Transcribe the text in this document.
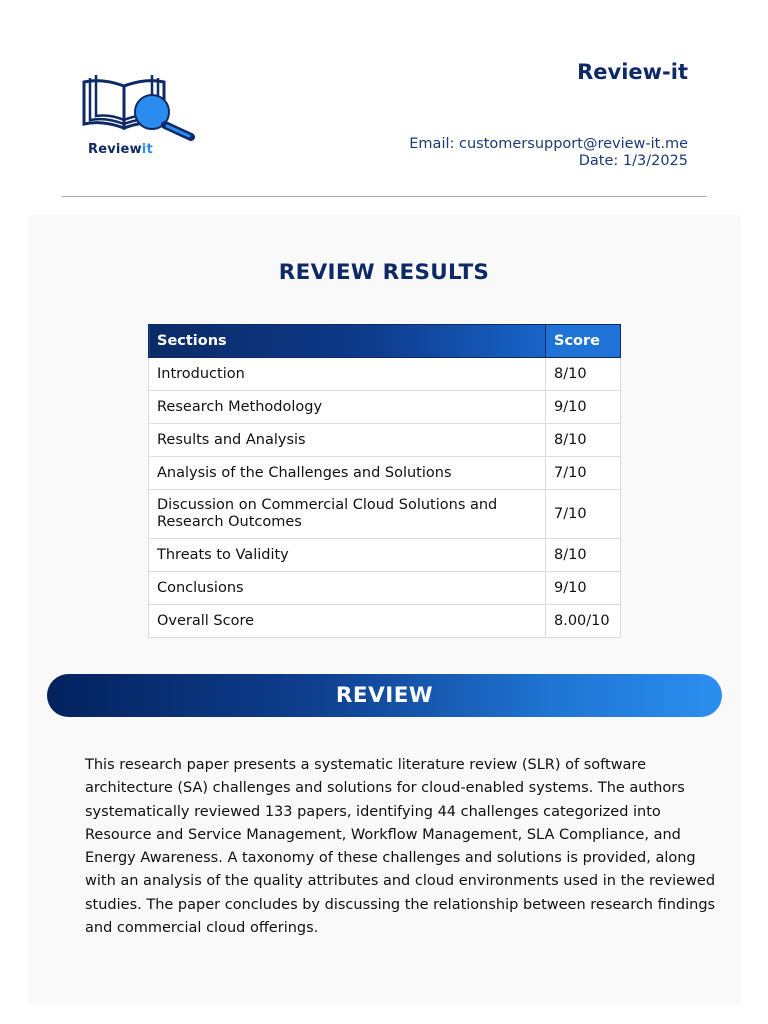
Reviewit
Review-it
Email: customersupport@review-it.me
Date: 1/3/2025
REVIEW RESULTS
Sections	Score
Introduction	8/10
Research Methodology	9/10
Results and Analysis	8/10
Analysis of the Challenges and Solutions	7/10
Discussion on Commercial Cloud Solutions and Research Outcomes	7/10
Threats to Validity	8/10
Conclusions	9/10
Overall Score	8.00/10
REVIEW
This research paper presents a systematic literature review (SLR) of software architecture (SA) challenges and solutions for cloud-enabled systems. The authors systematically reviewed 133 papers, identifying 44 challenges categorized into Resource and Service Management, Workflow Management, SLA Compliance, and Energy Awareness. A taxonomy of these challenges and solutions is provided, along with an analysis of the quality attributes and cloud environments used in the reviewed studies. The paper concludes by discussing the relationship between research findings and commercial cloud offerings.
